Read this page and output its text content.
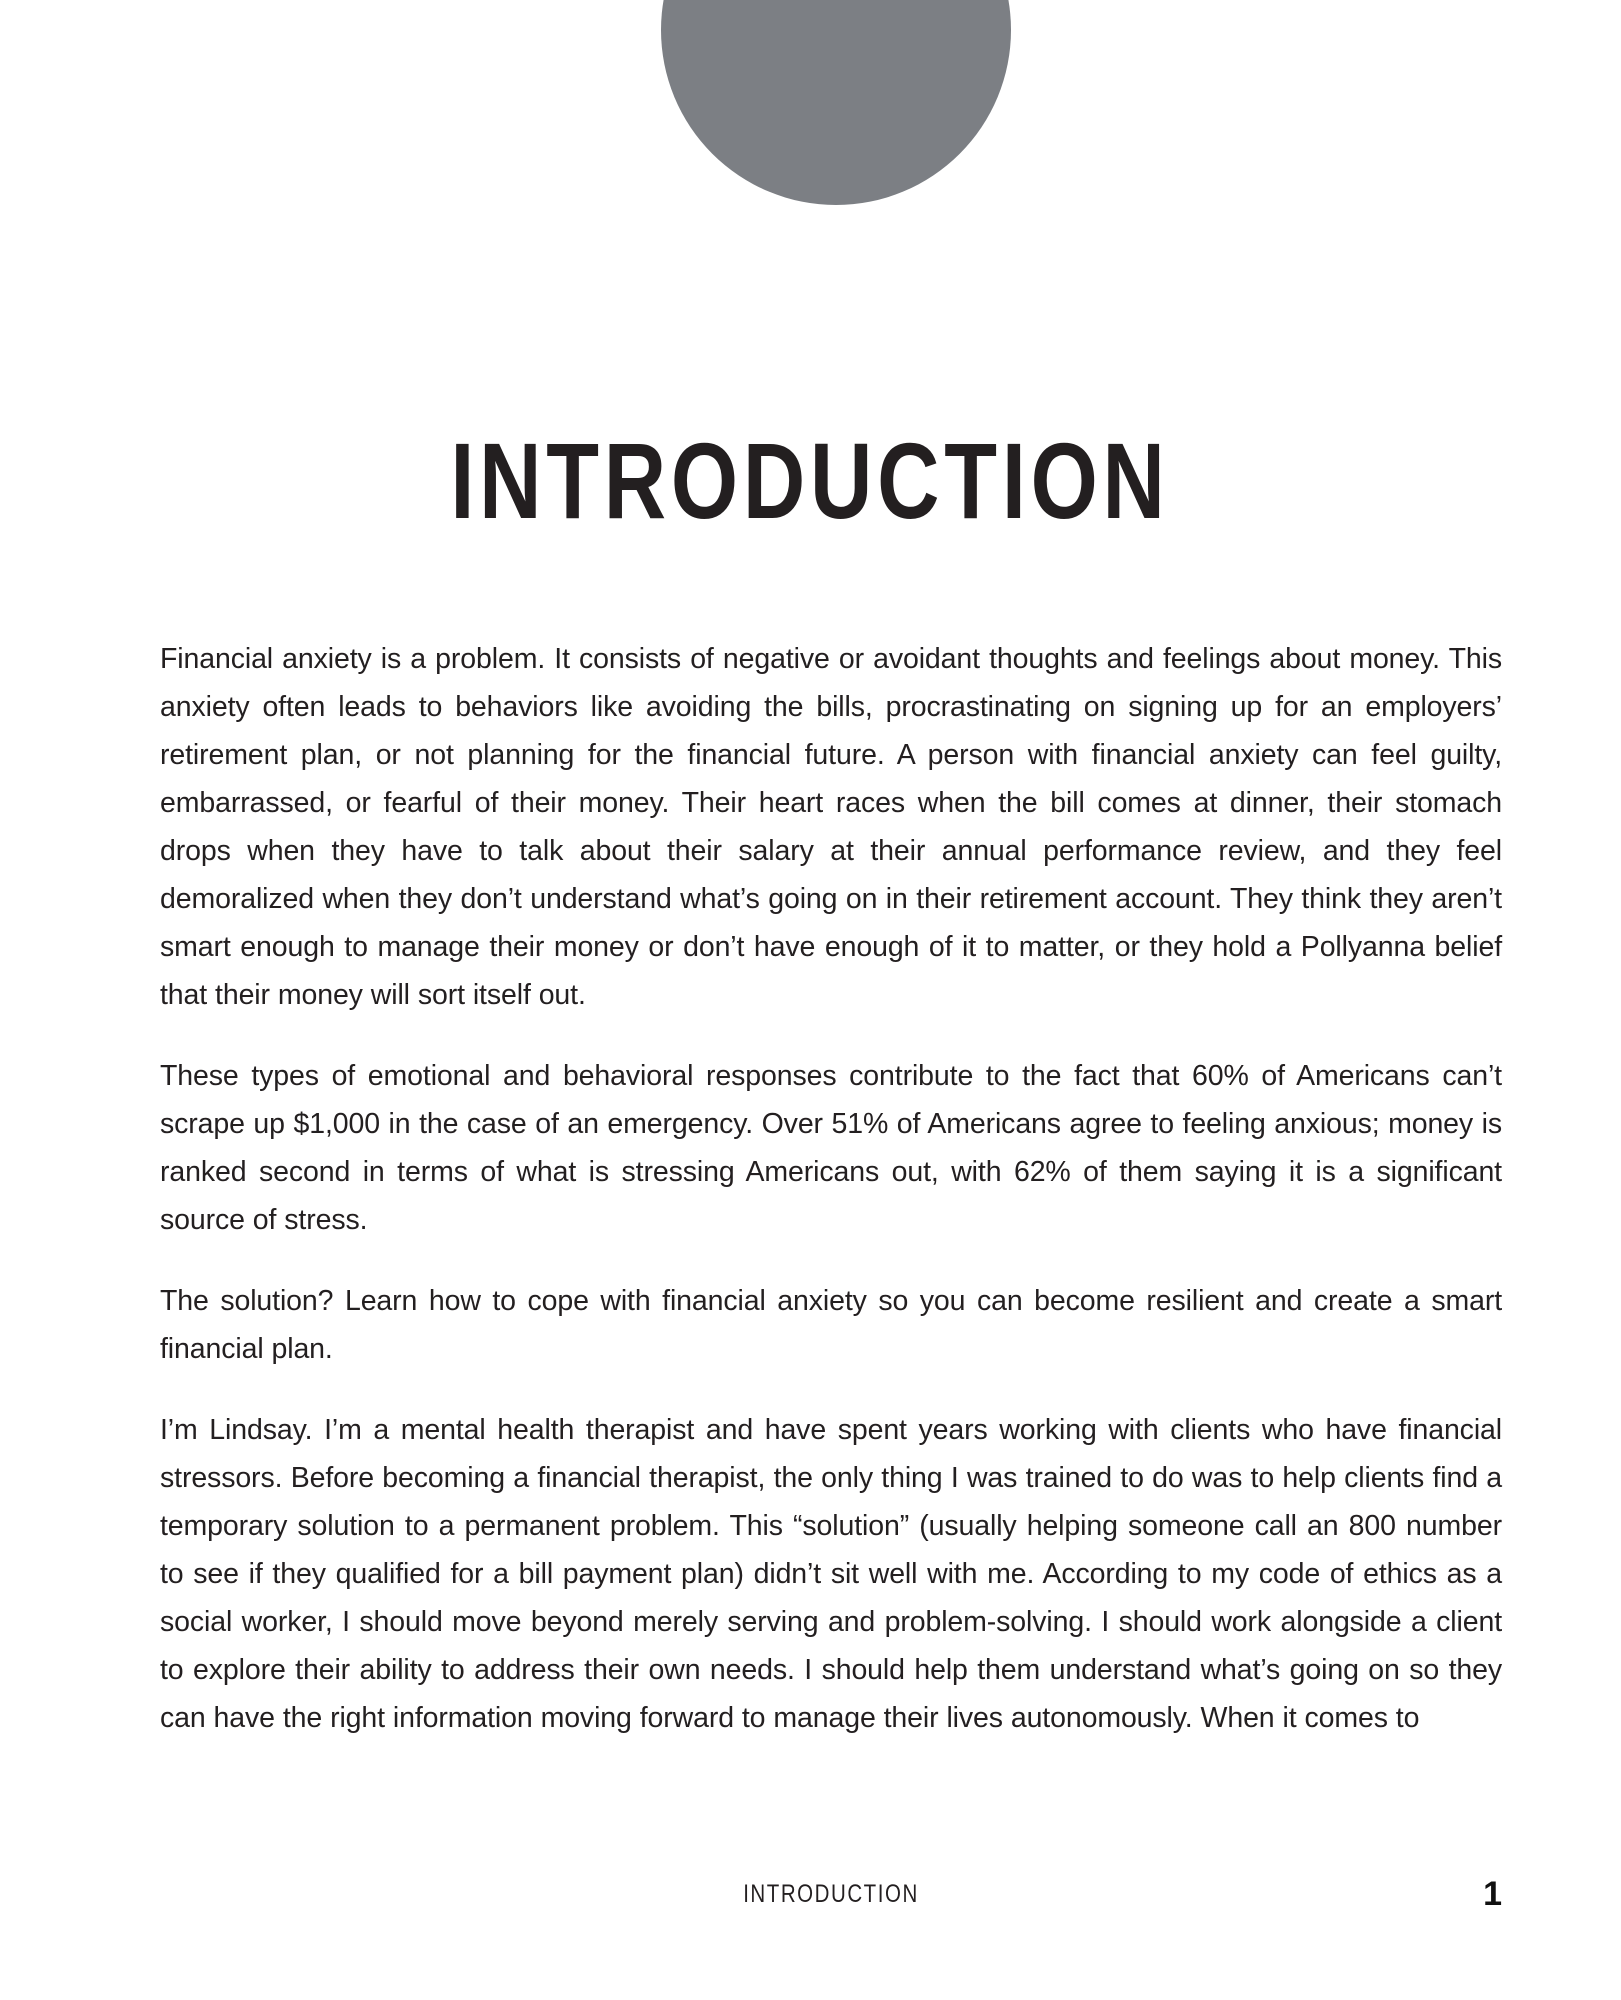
INTRODUCTION

Financial anxiety is a problem. It consists of negative or avoidant thoughts and feelings about money. This anxiety often leads to behaviors like avoiding the bills, procrastinating on signing up for an employers’ retirement plan, or not planning for the financial future. A person with financial anxiety can feel guilty, embarrassed, or fearful of their money. Their heart races when the bill comes at dinner, their stomach drops when they have to talk about their salary at their annual performance review, and they feel demoralized when they don’t understand what’s going on in their retirement account. They think they aren’t smart enough to manage their money or don’t have enough of it to matter, or they hold a Pollyanna belief that their money will sort itself out.

These types of emotional and behavioral responses contribute to the fact that 60% of Americans can’t scrape up $1,000 in the case of an emergency. Over 51% of Americans agree to feeling anxious; money is ranked second in terms of what is stressing Americans out, with 62% of them saying it is a significant source of stress.

The solution? Learn how to cope with financial anxiety so you can become resilient and create a smart financial plan.

I’m Lindsay. I’m a mental health therapist and have spent years working with clients who have financial stressors. Before becoming a financial therapist, the only thing I was trained to do was to help clients find a temporary solution to a permanent problem. This “solution” (usually helping someone call an 800 number to see if they qualified for a bill payment plan) didn’t sit well with me. According to my code of ethics as a social worker, I should move beyond merely serving and problem-solving. I should work alongside a client to explore their ability to address their own needs. I should help them understand what’s going on so they can have the right information moving forward to manage their lives autonomously. When it comes to

INTRODUCTION	1
